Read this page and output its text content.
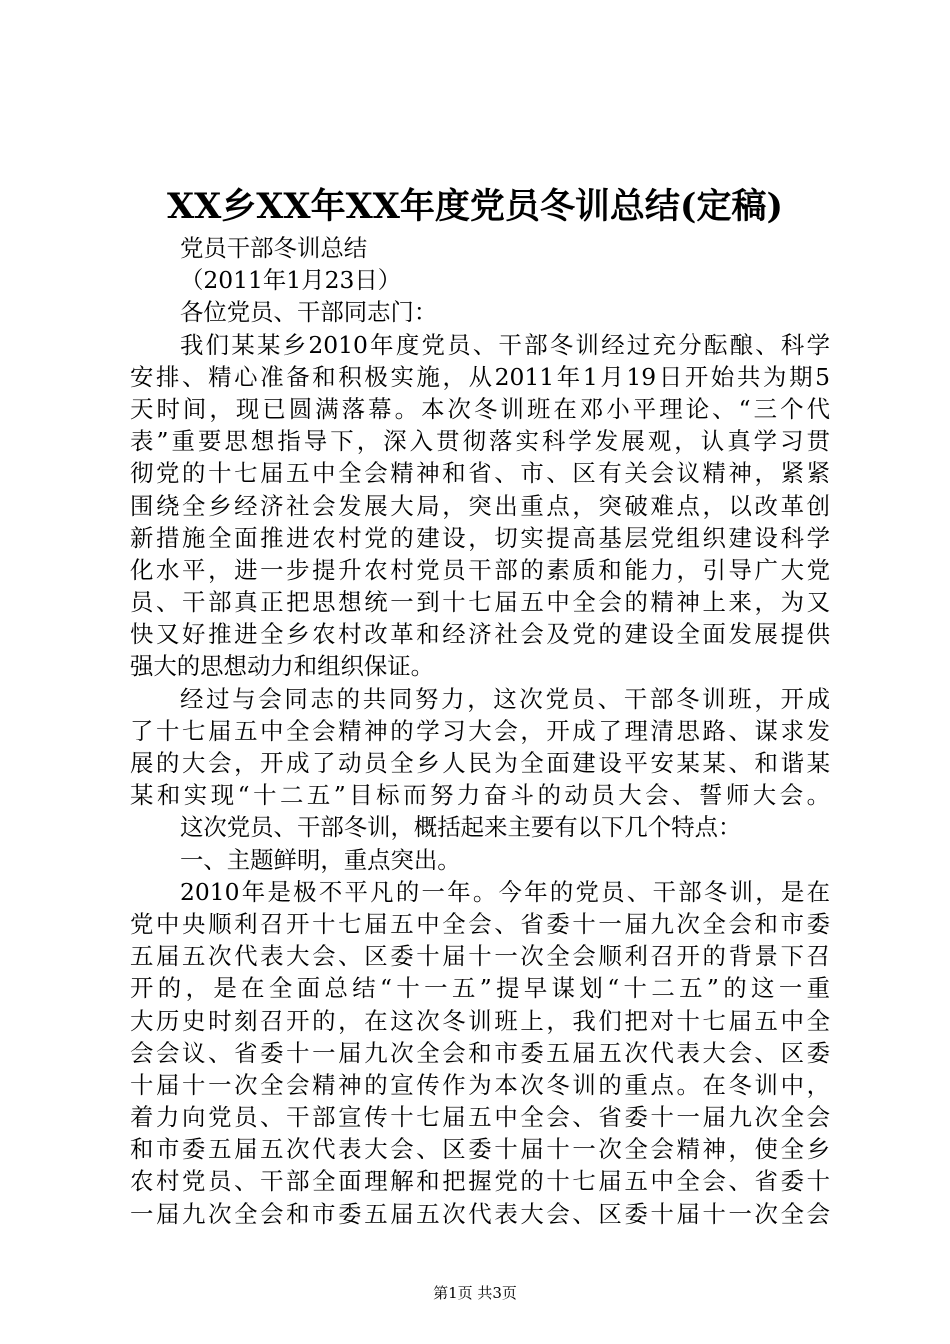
XX乡XX年XX年度党员冬训总结(定稿)
党员干部冬训总结
（2011年1月23日）
各位党员、干部同志门：
我们某某乡2010年度党员、干部冬训经过充分酝酿、科学
安排、精心准备和积极实施，从2011年1月19日开始共为期5
天时间，现已圆满落幕。本次冬训班在邓小平理论、“三个代
表”重要思想指导下，深入贯彻落实科学发展观，认真学习贯
彻党的十七届五中全会精神和省、市、区有关会议精神，紧紧
围绕全乡经济社会发展大局，突出重点，突破难点，以改革创
新措施全面推进农村党的建设，切实提高基层党组织建设科学
化水平，进一步提升农村党员干部的素质和能力，引导广大党
员、干部真正把思想统一到十七届五中全会的精神上来，为又
快又好推进全乡农村改革和经济社会及党的建设全面发展提供
强大的思想动力和组织保证。
经过与会同志的共同努力，这次党员、干部冬训班，开成
了十七届五中全会精神的学习大会，开成了理清思路、谋求发
展的大会，开成了动员全乡人民为全面建设平安某某、和谐某
某和实现“十二五”目标而努力奋斗的动员大会、誓师大会。
这次党员、干部冬训，概括起来主要有以下几个特点：
一、主题鲜明，重点突出。
2010年是极不平凡的一年。今年的党员、干部冬训，是在
党中央顺利召开十七届五中全会、省委十一届九次全会和市委
五届五次代表大会、区委十届十一次全会顺利召开的背景下召
开的，是在全面总结“十一五”提早谋划“十二五”的这一重
大历史时刻召开的，在这次冬训班上，我们把对十七届五中全
会会议、省委十一届九次全会和市委五届五次代表大会、区委
十届十一次全会精神的宣传作为本次冬训的重点。在冬训中，
着力向党员、干部宣传十七届五中全会、省委十一届九次全会
和市委五届五次代表大会、区委十届十一次全会精神，使全乡
农村党员、干部全面理解和把握党的十七届五中全会、省委十
一届九次全会和市委五届五次代表大会、区委十届十一次全会
第1页 共3页
